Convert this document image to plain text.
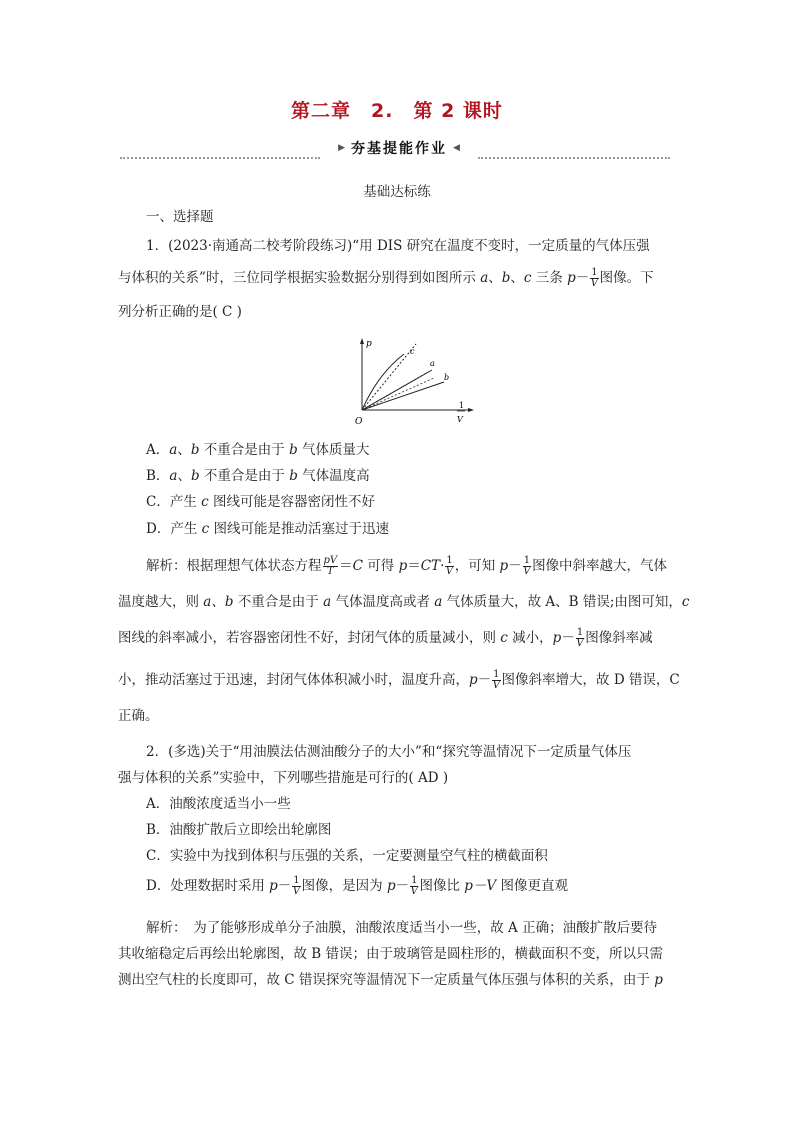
第二章　2.　第 2 课时
▶ 夯基提能作业 ◀
基础达标练
一、选择题
1．(2023·南通高二校考阶段练习)“用 DIS 研究在温度不变时，一定质量的气体压强
与体积的关系”时，三位同学根据实验数据分别得到如图所示 a、b、c 三条 $p- \frac{1}{V}$ 图像。下
列分析正确的是( C )
p
O
1
V
c
a
b
A．a、b 不重合是由于 b 气体质量大
B．a、b 不重合是由于 b 气体温度高
C．产生 c 图线可能是容器密闭性不好
D．产生 c 图线可能是推动活塞过于迅速
解析：根据理想气体状态方程 $\frac{pV}{T} =C$ 可得 $p=CT\cdot \frac{1}{V}$ ，可知 $p- \frac{1}{V}$ 图像中斜率越大，气体
温度越大，则 a、b 不重合是由于 a 气体温度高或者 a 气体质量大，故 A、B 错误;由图可知，c
图线的斜率减小，若容器密闭性不好，封闭气体的质量减小，则 c 减小，$p- \frac{1}{V}$ 图像斜率减
小，推动活塞过于迅速，封闭气体体积减小时，温度升高，$p- \frac{1}{V}$ 图像斜率增大，故 D 错误，C
正确。
2．(多选)关于“用油膜法估测油酸分子的大小”和“探究等温情况下一定质量气体压
强与体积的关系”实验中，下列哪些措施是可行的( AD )
A．油酸浓度适当小一些
B．油酸扩散后立即绘出轮廓图
C．实验中为找到体积与压强的关系，一定要测量空气柱的横截面积
D．处理数据时采用 $p- \frac{1}{V}$ 图像，是因为 $p- \frac{1}{V}$ 图像比 p－V 图像更直观
解析：　为了能够形成单分子油膜，油酸浓度适当小一些，故 A 正确；油酸扩散后要待
其收缩稳定后再绘出轮廓图，故 B 错误；由于玻璃管是圆柱形的，横截面积不变，所以只需
测出空气柱的长度即可，故 C 错误探究等温情况下一定质量气体压强与体积的关系，由于 p
